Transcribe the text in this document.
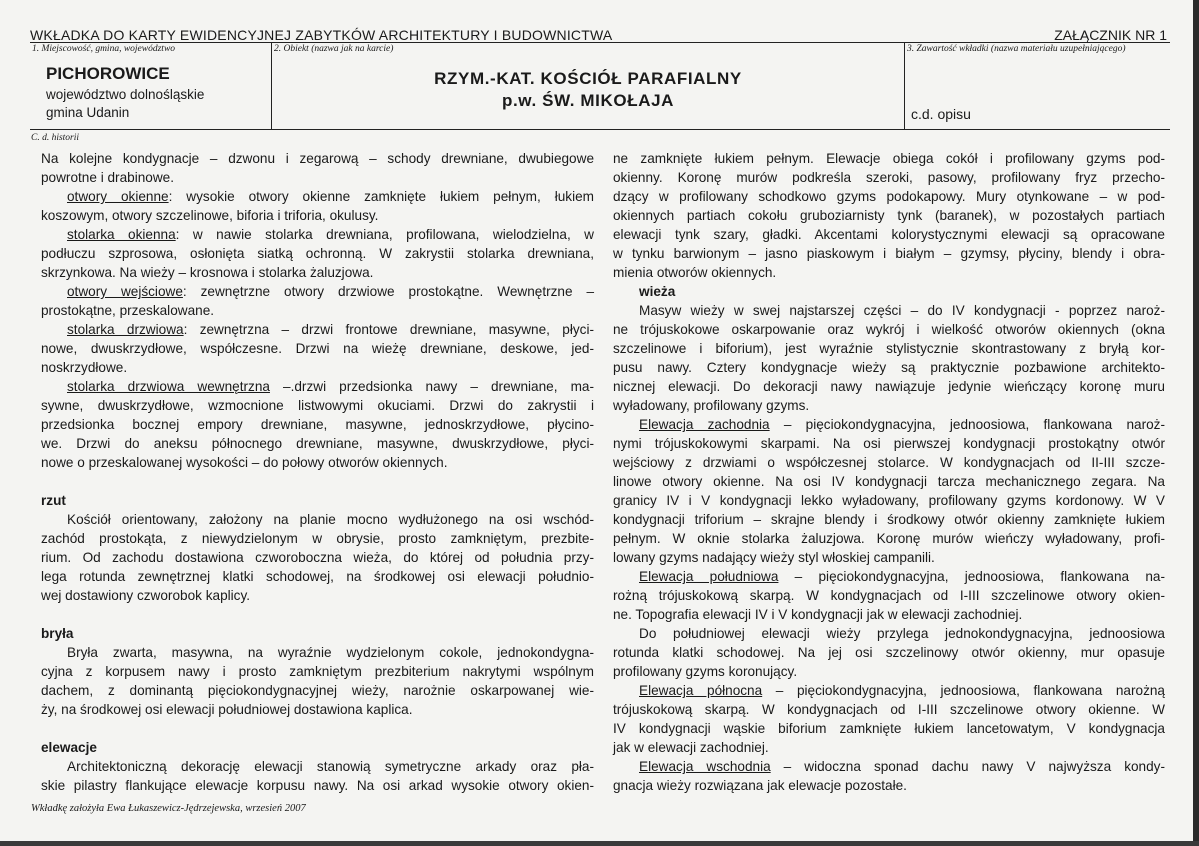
WKŁADKA DO KARTY EWIDENCYJNEJ ZABYTKÓW ARCHITEKTURY I BUDOWNICTWA	ZAŁĄCZNIK NR 1
1. Miejscowość, gmina, województwo
PICHOROWICE
województwo dolnośląskie
gmina Udanin
2. Obiekt (nazwa jak na karcie)
RZYM.-KAT. KOŚCIÓŁ PARAFIALNY
p.w. ŚW. MIKOŁAJA
3. Zawartość wkładki (nazwa materiału uzupełniającego)
c.d. opisu
C. d. historii

Na kolejne kondygnacje – dzwonu i zegarową – schody drewniane, dwubiegowe

powrotne i drabinowe.

otwory okienne: wysokie otwory okienne zamknięte łukiem pełnym, łukiem

koszowym, otwory szczelinowe, biforia i triforia, okulusy.

stolarka okienna: w nawie stolarka drewniana, profilowana, wielodzielna, w

podłuczu szprosowa, osłonięta siatką ochronną. W zakrystii stolarka drewniana,

skrzynkowa. Na wieży – krosnowa i stolarka żaluzjowa.

otwory wejściowe: zewnętrzne otwory drzwiowe prostokątne. Wewnętrzne –

prostokątne, przeskalowane.

stolarka drzwiowa: zewnętrzna – drzwi frontowe drewniane, masywne, płyci-

nowe, dwuskrzydłowe, współczesne. Drzwi na wieżę drewniane, deskowe, jed-

noskrzydłowe.

stolarka drzwiowa wewnętrzna –.drzwi przedsionka nawy – drewniane, ma-

sywne, dwuskrzydłowe, wzmocnione listwowymi okuciami. Drzwi do zakrystii i

przedsionka bocznej empory drewniane, masywne, jednoskrzydłowe, płycino-

we. Drzwi do aneksu północnego drewniane, masywne, dwuskrzydłowe, płyci-

nowe o przeskalowanej wysokości – do połowy otworów okiennych.

rzut

Kościół orientowany, założony na planie mocno wydłużonego na osi wschód-

zachód prostokąta, z niewydzielonym w obrysie, prosto zamkniętym, prezbite-

rium. Od zachodu dostawiona czworoboczna wieża, do której od południa przy-

lega rotunda zewnętrznej klatki schodowej, na środkowej osi elewacji południo-

wej dostawiony czworobok kaplicy.

bryła

Bryła zwarta, masywna, na wyraźnie wydzielonym cokole, jednokondygna-

cyjna z korpusem nawy i prosto zamkniętym prezbiterium nakrytymi wspólnym

dachem, z dominantą pięciokondygnacyjnej wieży, narożnie oskarpowanej wie-

ży, na środkowej osi elewacji południowej dostawiona kaplica.

elewacje

Architektoniczną dekorację elewacji stanowią symetryczne arkady oraz pła-

skie pilastry flankujące elewacje korpusu nawy. Na osi arkad wysokie otwory okien-

ne zamknięte łukiem pełnym. Elewacje obiega cokół i profilowany gzyms pod-

okienny. Koronę murów podkreśla szeroki, pasowy, profilowany fryz przecho-

dzący w profilowany schodkowo gzyms podokapowy. Mury otynkowane – w pod-

okiennych partiach cokołu gruboziarnisty tynk (baranek), w pozostałych partiach

elewacji tynk szary, gładki. Akcentami kolorystycznymi elewacji są opracowane

w tynku barwionym – jasno piaskowym i białym – gzymsy, płyciny, blendy i obra-

mienia otworów okiennych.

wieża

Masyw wieży w swej najstarszej części – do IV kondygnacji - poprzez naroż-

ne trójuskokowe oskarpowanie oraz wykrój i wielkość otworów okiennych (okna

szczelinowe i biforium), jest wyraźnie stylistycznie skontrastowany z bryłą kor-

pusu nawy. Cztery kondygnacje wieży są praktycznie pozbawione architekto-

nicznej elewacji. Do dekoracji nawy nawiązuje jedynie wieńczący koronę muru

wyładowany, profilowany gzyms.

Elewacja zachodnia – pięciokondygnacyjna, jednoosiowa, flankowana naroż-

nymi trójuskokowymi skarpami. Na osi pierwszej kondygnacji prostokątny otwór

wejściowy z drzwiami o współczesnej stolarce. W kondygnacjach od II-III szcze-

linowe otwory okienne. Na osi IV kondygnacji tarcza mechanicznego zegara. Na

granicy IV i V kondygnacji lekko wyładowany, profilowany gzyms kordonowy. W V

kondygnacji triforium – skrajne blendy i środkowy otwór okienny zamknięte łukiem

pełnym. W oknie stolarka żaluzjowa. Koronę murów wieńczy wyładowany, profi-

lowany gzyms nadający wieży styl włoskiej campanili.

Elewacja południowa – pięciokondygnacyjna, jednoosiowa, flankowana na-

rożną trójuskokową skarpą. W kondygnacjach od I-III szczelinowe otwory okien-

ne. Topografia elewacji IV i V kondygnacji jak w elewacji zachodniej.

Do południowej elewacji wieży przylega jednokondygnacyjna, jednoosiowa

rotunda klatki schodowej. Na jej osi szczelinowy otwór okienny, mur opasuje

profilowany gzyms koronujący.

Elewacja północna – pięciokondygnacyjna, jednoosiowa, flankowana narożną

trójuskokową skarpą. W kondygnacjach od I-III szczelinowe otwory okienne. W

IV kondygnacji wąskie biforium zamknięte łukiem lancetowatym, V kondygnacja

jak w elewacji zachodniej.

Elewacja wschodnia – widoczna sponad dachu nawy V najwyższa kondy-

gnacja wieży rozwiązana jak elewacje pozostałe.

Wkładkę założyła Ewa Łukaszewicz-Jędrzejewska, wrzesień 2007
